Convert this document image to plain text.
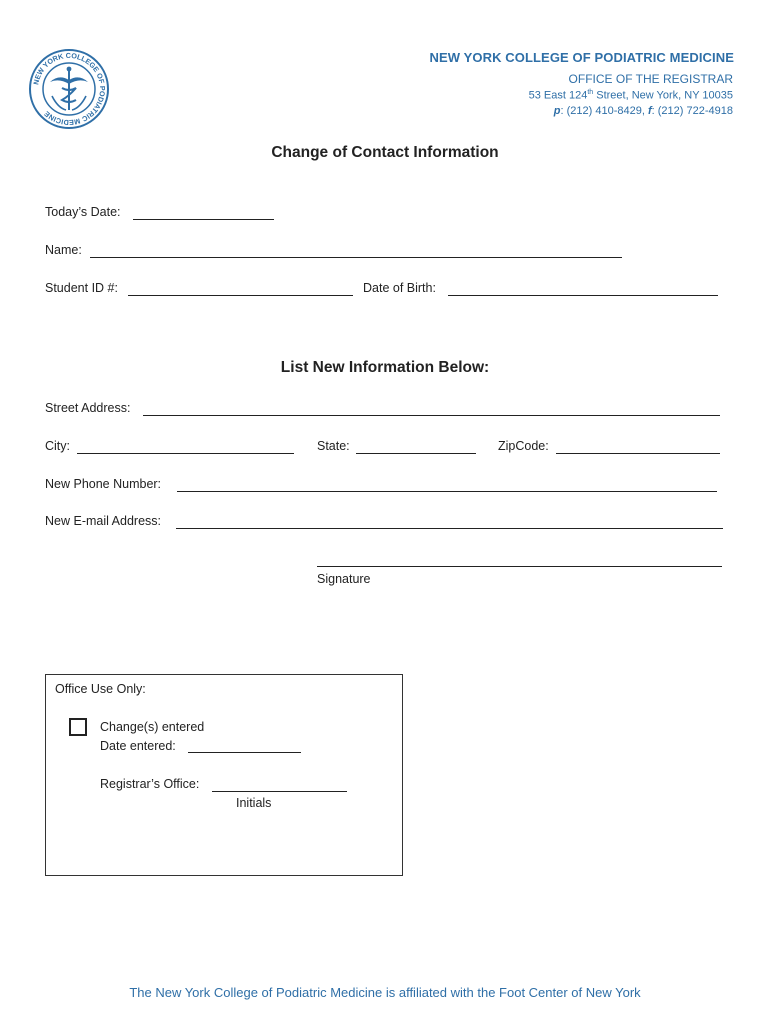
NEW YORK COLLEGE OF PODIATRIC MEDICINE
NEW YORK COLLEGE OF PODIATRIC MEDICINE
OFFICE OF THE REGISTRAR
53 East 124th Street, New York, NY 10035
p: (212) 410-8429, f: (212) 722-4918
Change of Contact Information
Today’s Date:
Name:
Student ID #:	Date of Birth:
List New Information Below:
Street Address:
City:	State:	ZipCode:
New Phone Number:
New E-mail Address:
Signature
Office Use Only:
Change(s) entered
Date entered:
Registrar’s Office:
Initials
The New York College of Podiatric Medicine is affiliated with the Foot Center of New York
